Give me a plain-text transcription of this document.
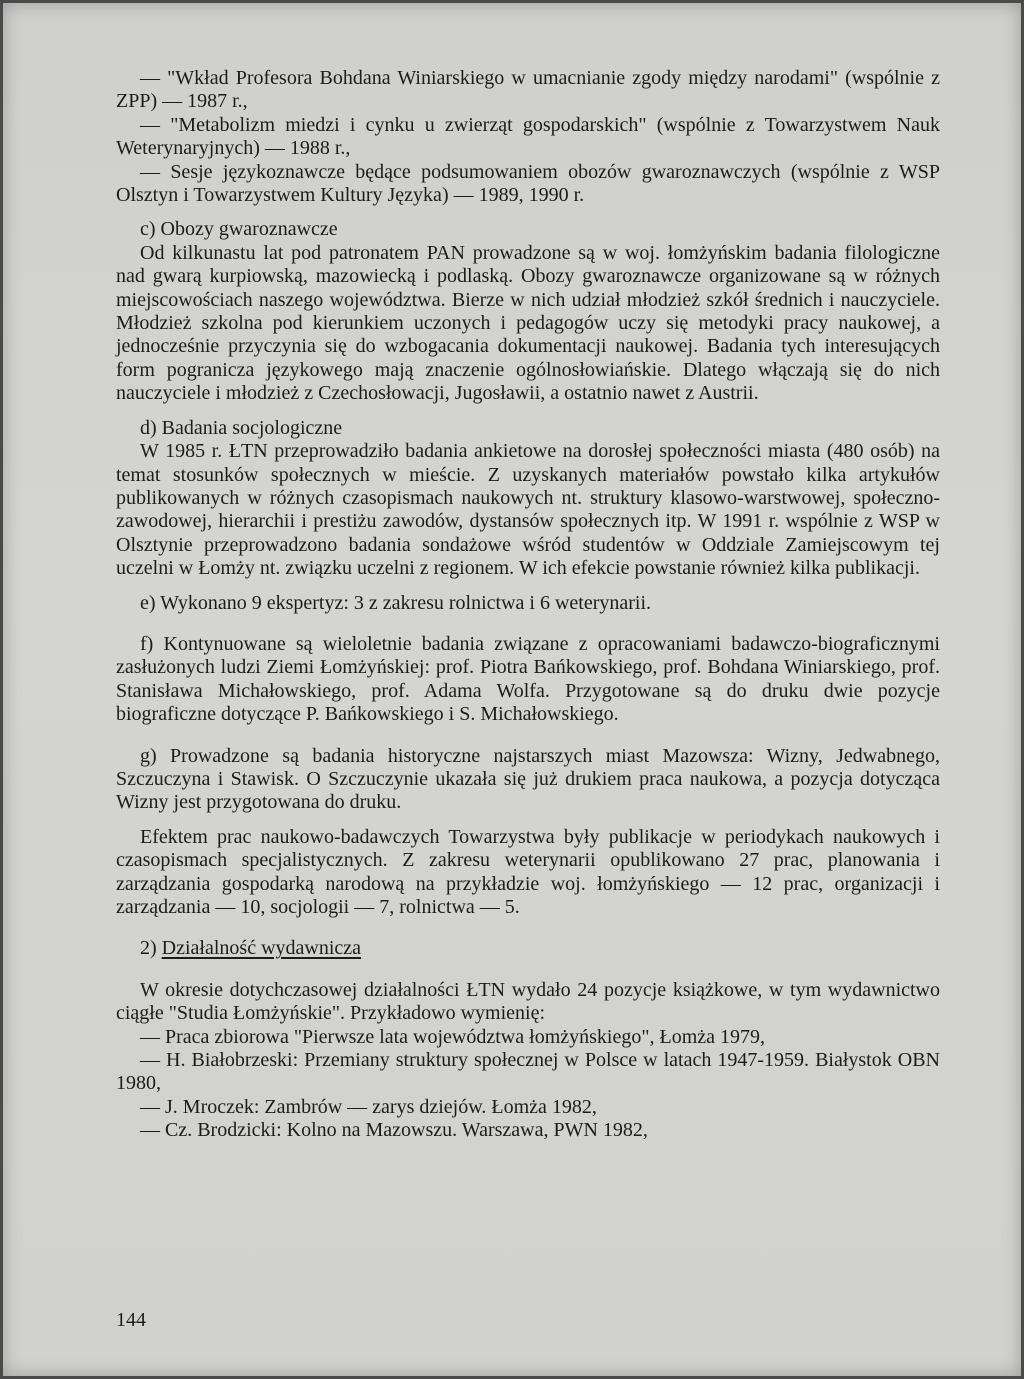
— "Wkład Profesora Bohdana Winiarskiego w umacnianie zgody między narodami" (wspólnie z ZPP) — 1987 r.,

— "Metabolizm miedzi i cynku u zwierząt gospodarskich" (wspólnie z Towarzystwem Nauk Weterynaryjnych) — 1988 r.,

— Sesje językoznawcze będące podsumowaniem obozów gwaroznawczych (wspólnie z WSP Olsztyn i Towarzystwem Kultury Języka) — 1989, 1990 r.

c) Obozy gwaroznawcze

Od kilkunastu lat pod patronatem PAN prowadzone są w woj. łomżyńskim badania filologiczne nad gwarą kurpiowską, mazowiecką i podlaską. Obozy gwaroznawcze organizowane są w różnych miejscowościach naszego województwa. Bierze w nich udział młodzież szkół średnich i nauczyciele. Młodzież szkolna pod kierunkiem uczonych i pedagogów uczy się metodyki pracy naukowej, a jednocześnie przyczynia się do wzbogacania dokumentacji naukowej. Badania tych interesujących form pogranicza językowego mają znaczenie ogólnosłowiańskie. Dlatego włączają się do nich nauczyciele i młodzież z Czechosłowacji, Jugosławii, a ostatnio nawet z Austrii.

d) Badania socjologiczne

W 1985 r. ŁTN przeprowadziło badania ankietowe na dorosłej społeczności miasta (480 osób) na temat stosunków społecznych w mieście. Z uzyskanych materiałów powstało kilka artykułów publikowanych w różnych czasopismach naukowych nt. struktury klasowo-warstwowej, społeczno-zawodowej, hierarchii i prestiżu zawodów, dystansów społecznych itp. W 1991 r. wspólnie z WSP w Olsztynie przeprowadzono badania sondażowe wśród studentów w Oddziale Zamiejscowym tej uczelni w Łomży nt. związku uczelni z regionem. W ich efekcie powstanie również kilka publikacji.

e) Wykonano 9 ekspertyz: 3 z zakresu rolnictwa i 6 weterynarii.

f) Kontynuowane są wieloletnie badania związane z opracowaniami badawczo-biograficznymi zasłużonych ludzi Ziemi Łomżyńskiej: prof. Piotra Bańkowskiego, prof. Bohdana Winiarskiego, prof. Stanisława Michałowskiego, prof. Adama Wolfa. Przygotowane są do druku dwie pozycje biograficzne dotyczące P. Bańkowskiego i S. Michałowskiego.

g) Prowadzone są badania historyczne najstarszych miast Mazowsza: Wizny, Jedwabnego, Szczuczyna i Stawisk. O Szczuczynie ukazała się już drukiem praca naukowa, a pozycja dotycząca Wizny jest przygotowana do druku.

Efektem prac naukowo-badawczych Towarzystwa były publikacje w periodykach naukowych i czasopismach specjalistycznych. Z zakresu weterynarii opublikowano 27 prac, planowania i zarządzania gospodarką narodową na przykładzie woj. łomżyńskiego — 12 prac, organizacji i zarządzania — 10, socjologii — 7, rolnictwa — 5.

2) Działalność wydawnicza

W okresie dotychczasowej działalności ŁTN wydało 24 pozycje książkowe, w tym wydawnictwo ciągłe "Studia Łomżyńskie". Przykładowo wymienię:

— Praca zbiorowa "Pierwsze lata województwa łomżyńskiego", Łomża 1979,

— H. Białobrzeski: Przemiany struktury społecznej w Polsce w latach 1947-1959. Białystok OBN 1980,

— J. Mroczek: Zambrów — zarys dziejów. Łomża 1982,

— Cz. Brodzicki: Kolno na Mazowszu. Warszawa, PWN 1982,

144
